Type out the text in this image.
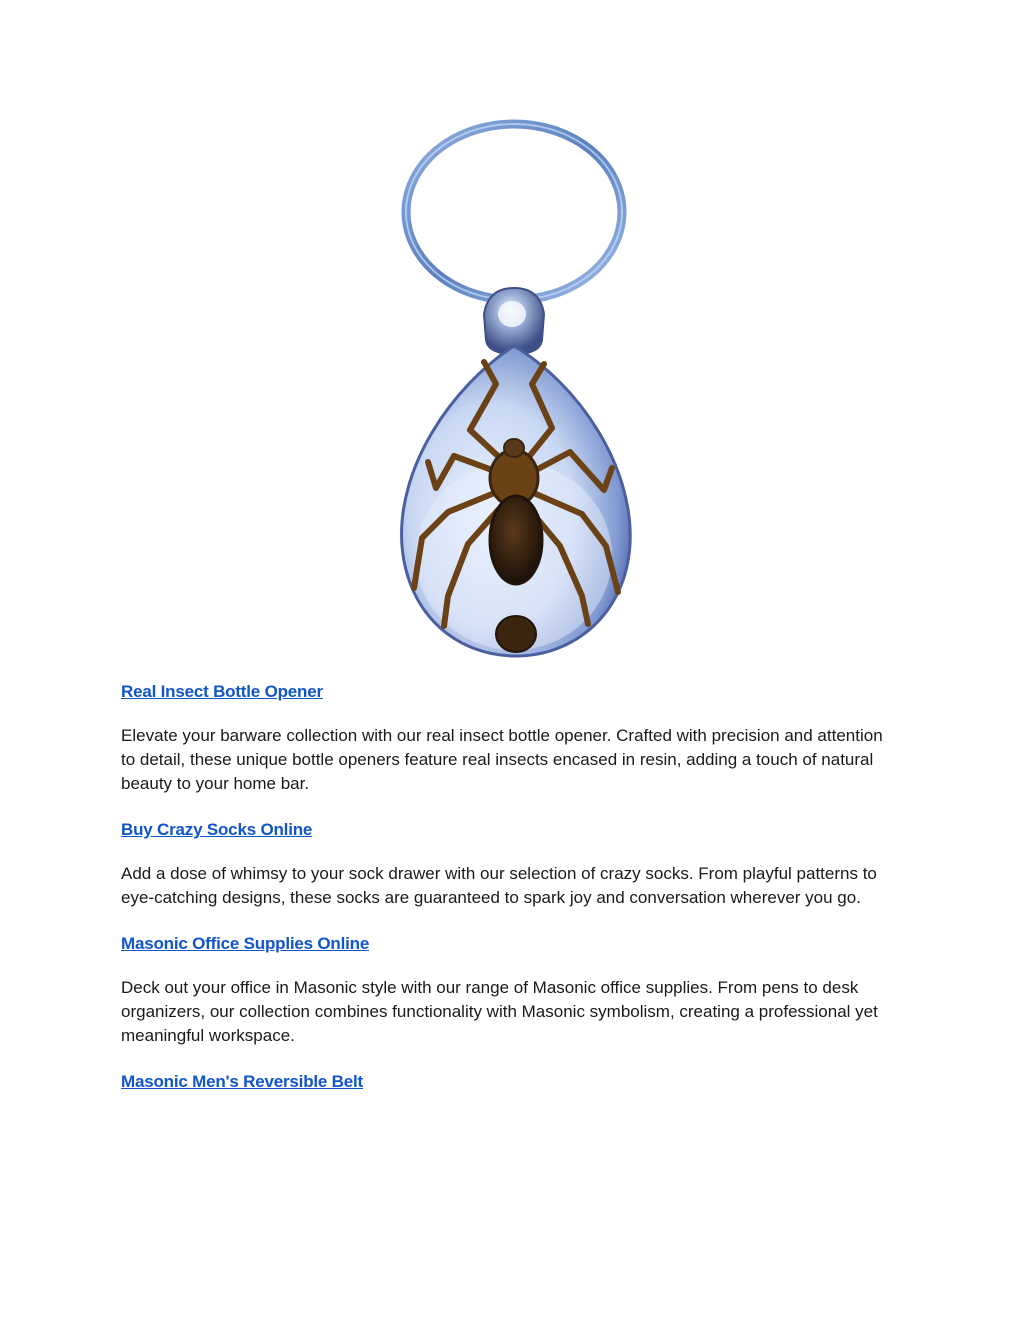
Real Insect Bottle Opener

Elevate your barware collection with our real insect bottle opener. Crafted with precision and attention to detail, these unique bottle openers feature real insects encased in resin, adding a touch of natural beauty to your home bar.

Buy Crazy Socks Online

Add a dose of whimsy to your sock drawer with our selection of crazy socks. From playful patterns to eye-catching designs, these socks are guaranteed to spark joy and conversation wherever you go.

Masonic Office Supplies Online

Deck out your office in Masonic style with our range of Masonic office supplies. From pens to desk organizers, our collection combines functionality with Masonic symbolism, creating a professional yet meaningful workspace.

Masonic Men's Reversible Belt
